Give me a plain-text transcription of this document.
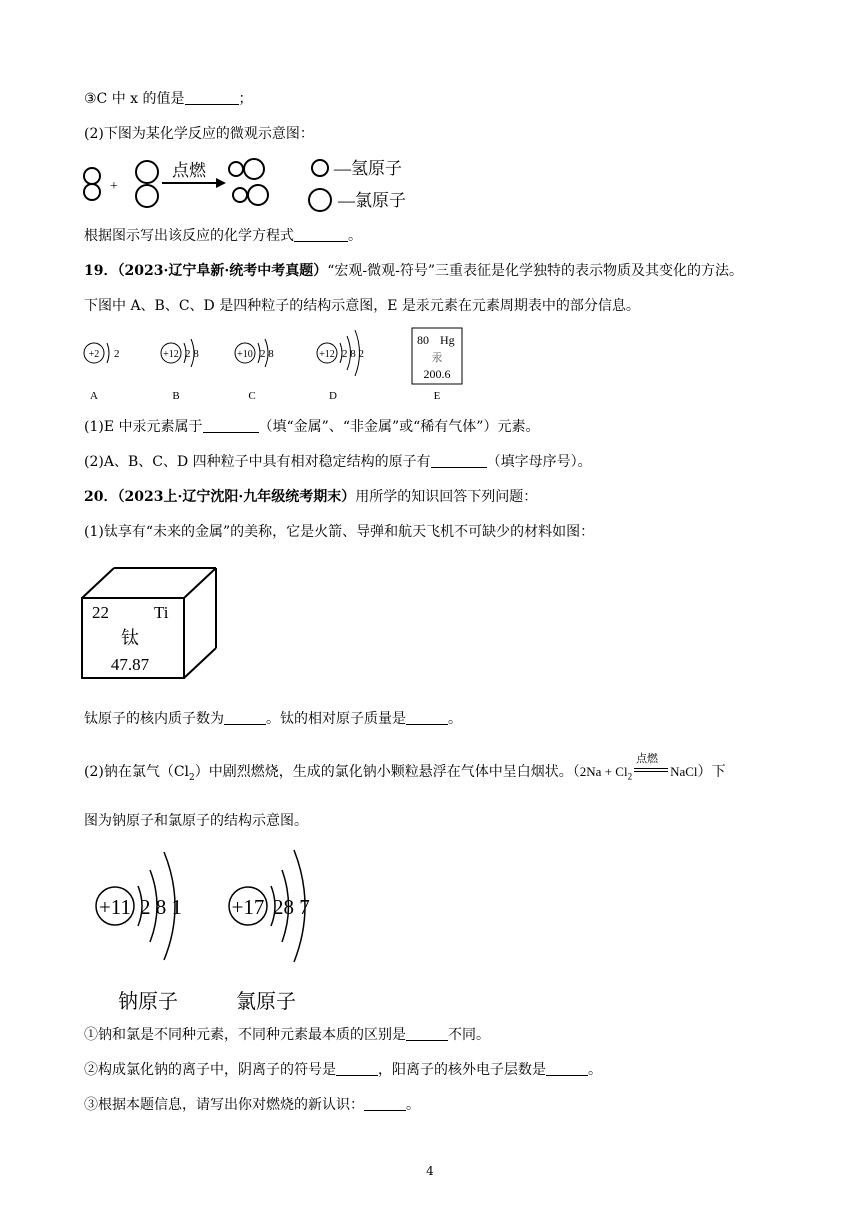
③C 中 x 的值是	；
(2)下图为某化学反应的微观示意图：
+
点燃	—氢原子
—氯原子
根据图示写出该反应的化学方程式	。
19．（2023·辽宁阜新·统考中考真题）“宏观-微观-符号”三重表征是化学独特的表示物质及其变化的方法。
下图中 A、B、C、D 是四种粒子的结构示意图，E 是汞元素在元素周期表中的部分信息。
+2 2
A
+12 2 8
B
+10 2 8
C
+12 2 8 2
D
80 Hg
汞
200.6
E
(1)E 中汞元素属于	（填“金属”、“非金属”或“稀有气体”）元素。
(2)A、B、C、D 四种粒子中具有相对稳定结构的原子有	（填字母序号）。
20．（2023上·辽宁沈阳·九年级统考期末）用所学的知识回答下列问题：
(1)钛享有“未来的金属”的美称，它是火箭、导弹和航天飞机不可缺少的材料如图：
22	Ti
钛
47.87
钛原子的核内质子数为	。钛的相对原子质量是	。
(2)钠在氯气$(Cl_2)$中剧烈燃烧，生成的氯化钠小颗粒悬浮在气体中呈白烟状。（$2Na + Cl_2$
点燃
NaCl）下
图为钠原子和氯原子的结构示意图。
+11 2 8 1
钠原子
+17 28 7
氯原子
①钠和氯是不同种元素，不同种元素最本质的区别是	不同。
②构成氯化钠的离子中，阴离子的符号是	，阳离子的核外电子层数是	。
③根据本题信息，请写出你对燃烧的新认识：	。
4
